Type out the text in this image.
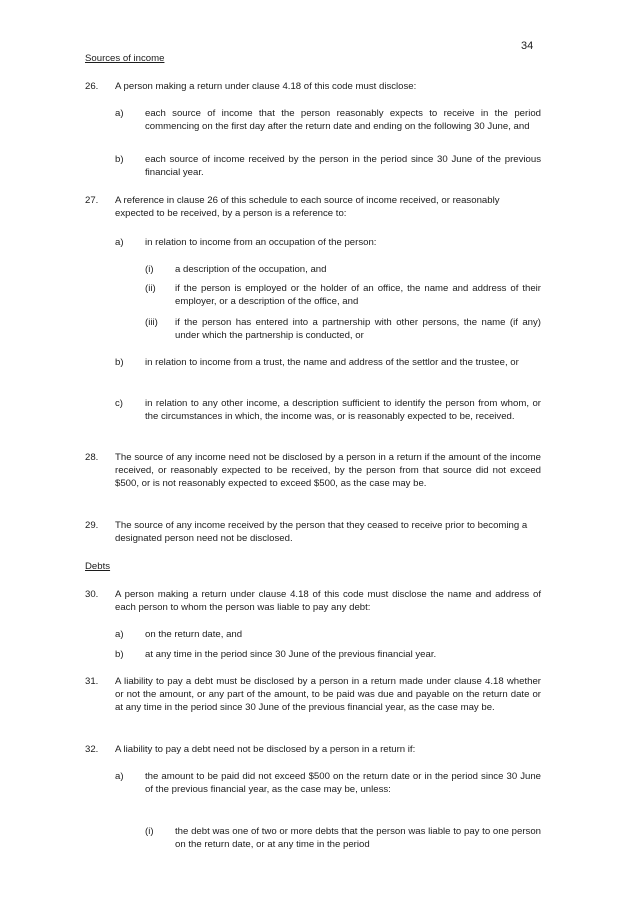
34
Sources of income
26.	A person making a return under clause 4.18 of this code must disclose:
a) each source of income that the person reasonably expects to receive in the period commencing on the first day after the return date and ending on the following 30 June, and
b) each source of income received by the person in the period since 30 June of the previous financial year.
27.	A reference in clause 26 of this schedule to each source of income received, or reasonably expected to be received, by a person is a reference to:
a) in relation to income from an occupation of the person:
(i) a description of the occupation, and
(ii) if the person is employed or the holder of an office, the name and address of their employer, or a description of the office, and
(iii) if the person has entered into a partnership with other persons, the name (if any) under which the partnership is conducted, or
b) in relation to income from a trust, the name and address of the settlor and the trustee, or
c) in relation to any other income, a description sufficient to identify the person from whom, or the circumstances in which, the income was, or is reasonably expected to be, received.
28.	The source of any income need not be disclosed by a person in a return if the amount of the income received, or reasonably expected to be received, by the person from that source did not exceed $500, or is not reasonably expected to exceed $500, as the case may be.
29.	The source of any income received by the person that they ceased to receive prior to becoming a designated person need not be disclosed.
Debts
30.	A person making a return under clause 4.18 of this code must disclose the name and address of each person to whom the person was liable to pay any debt:
a) on the return date, and
b) at any time in the period since 30 June of the previous financial year.
31.	A liability to pay a debt must be disclosed by a person in a return made under clause 4.18 whether or not the amount, or any part of the amount, to be paid was due and payable on the return date or at any time in the period since 30 June of the previous financial year, as the case may be.
32.	A liability to pay a debt need not be disclosed by a person in a return if:
a) the amount to be paid did not exceed $500 on the return date or in the period since 30 June of the previous financial year, as the case may be, unless:
(i) the debt was one of two or more debts that the person was liable to pay to one person on the return date, or at any time in the period
